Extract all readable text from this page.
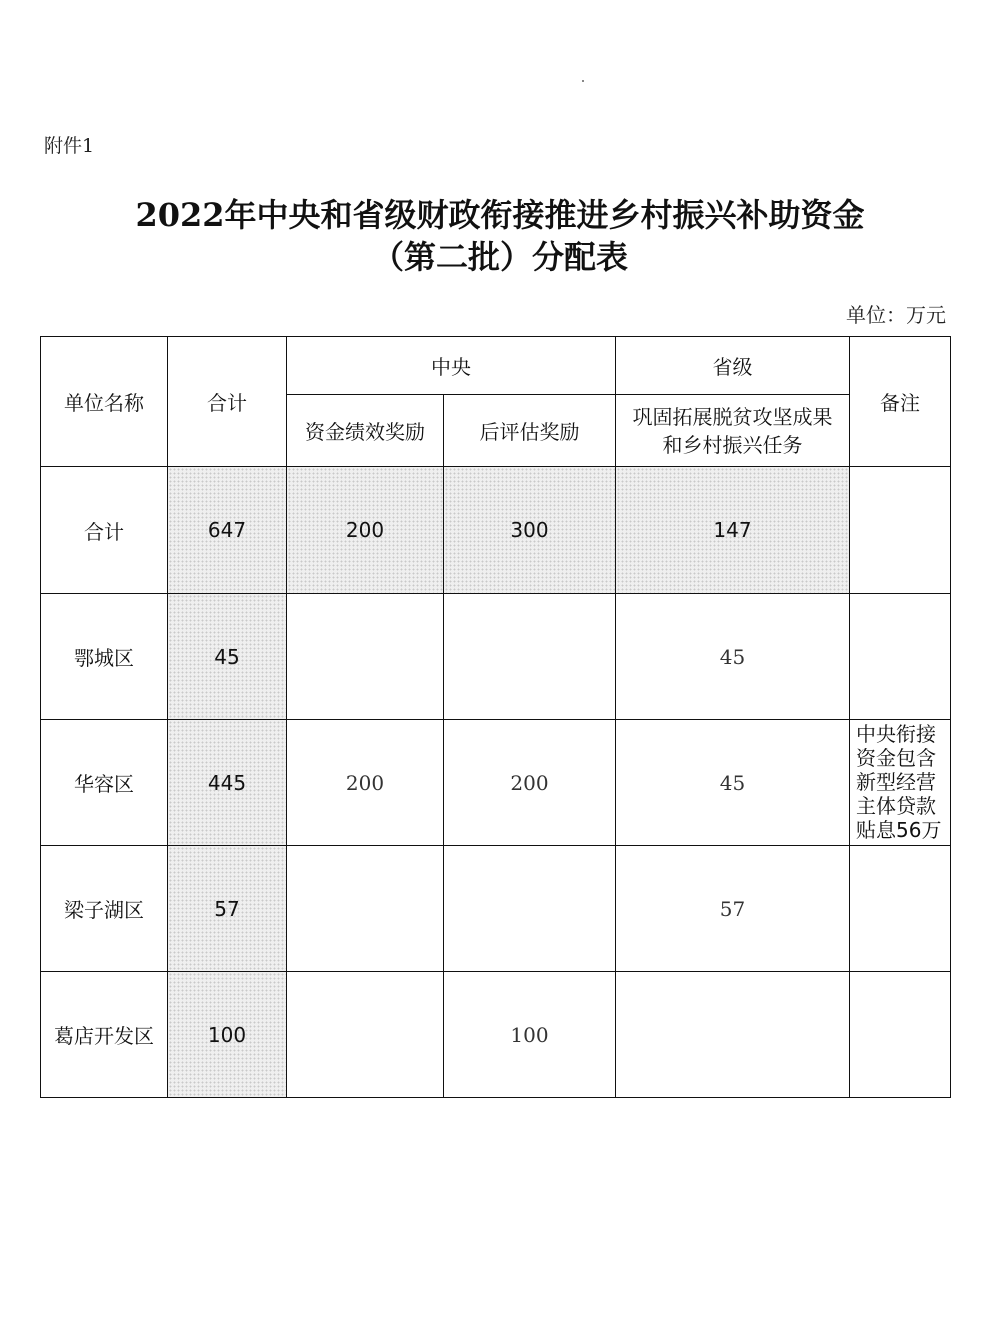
附件1
2022年中央和省级财政衔接推进乡村振兴补助资金
（第二批）分配表
单位：万元
单位名称	合计	中央		省级	备注
		资金绩效奖励	后评估奖励	巩固拓展脱贫攻坚成果和乡村振兴任务	

合计	647	200	300	147	
鄂城区	45			45	
华容区	445	200	200	45	中央衔接资金包含新型经营主体贷款贴息56万

梁子湖区	57			57	
葛店开发区	100		100		
